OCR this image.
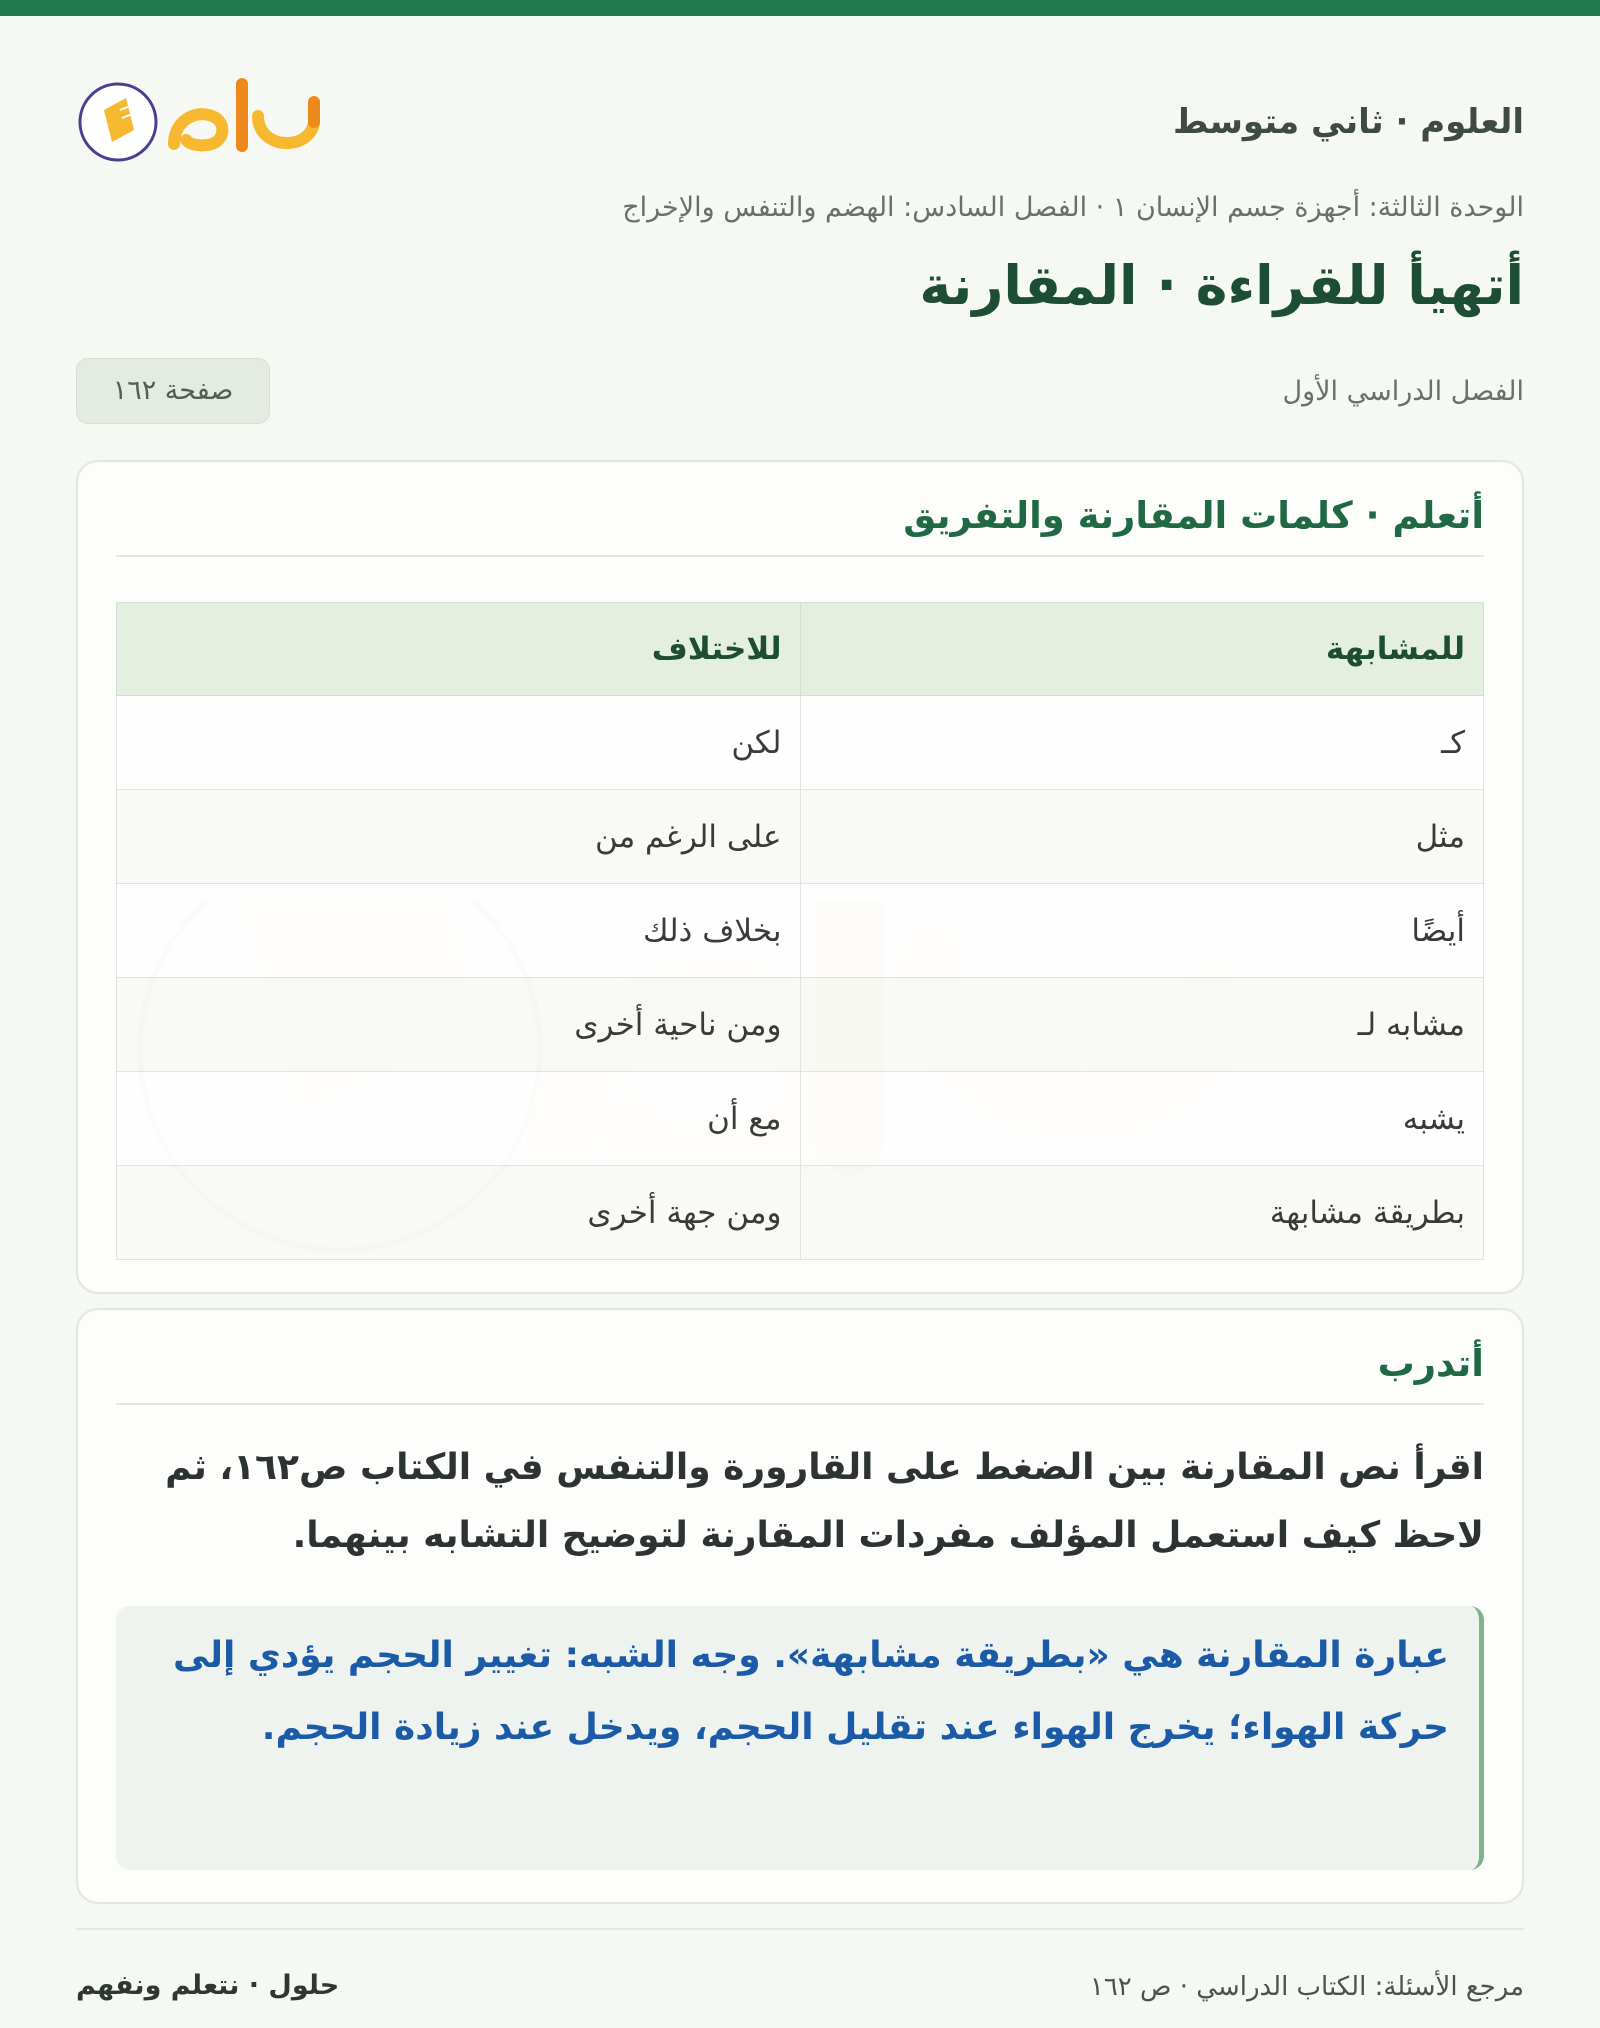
العلوم · ثاني متوسط
الوحدة الثالثة: أجهزة جسم الإنسان ١ · الفصل السادس: الهضم والتنفس والإخراج
أتهيأ للقراءة · المقارنة
الفصل الدراسي الأول
صفحة ١٦٢
أتعلم · كلمات المقارنة والتفريق
للمشابهة	للاختلاف
كـ	لكن
مثل	على الرغم من
أيضًا	بخلاف ذلك
مشابه لـ	ومن ناحية أخرى
يشبه	مع أن
بطريقة مشابهة	ومن جهة أخرى
أتدرب

اقرأ نص المقارنة بين الضغط على القارورة والتنفس في الكتاب ص١٦٢، ثم لاحظ كيف استعمل المؤلف مفردات المقارنة لتوضيح التشابه بينهما.

عبارة المقارنة هي «بطريقة مشابهة». وجه الشبه: تغيير الحجم يؤدي إلى حركة الهواء؛ يخرج الهواء عند تقليل الحجم، ويدخل عند زيادة الحجم.
مرجع الأسئلة: الكتاب الدراسي · ص ١٦٢
حلول · نتعلم ونفهم
